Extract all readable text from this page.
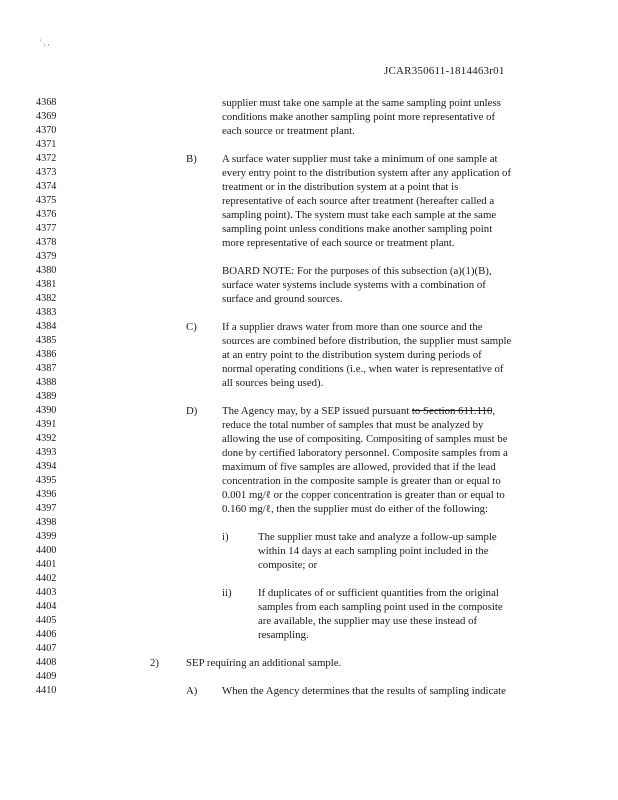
' , ,
JCAR350611-1814463r01
4368
4369
4370
4371
4372
4373
4374
4375
4376
4377
4378
4379
4380
4381
4382
4383
4384
4385
4386
4387
4388
4389
4390
4391
4392
4393
4394
4395
4396
4397
4398
4399
4400
4401
4402
4403
4404
4405
4406
4407
4408
4409
4410
supplier must take one sample at the same sampling point unless
conditions make another sampling point more representative of
each source or treatment plant.
B) A surface water supplier must take a minimum of one sample at
every entry point to the distribution system after any application of
treatment or in the distribution system at a point that is
representative of each source after treatment (hereafter called a
sampling point). The system must take each sample at the same
sampling point unless conditions make another sampling point
more representative of each source or treatment plant.
BOARD NOTE: For the purposes of this subsection (a)(1)(B),
surface water systems include systems with a combination of
surface and ground sources.
C) If a supplier draws water from more than one source and the
sources are combined before distribution, the supplier must sample
at an entry point to the distribution system during periods of
normal operating conditions (i.e., when water is representative of
all sources being used).
D) The Agency may, by a SEP issued pursuant to Section 611.110,
reduce the total number of samples that must be analyzed by
allowing the use of compositing. Compositing of samples must be
done by certified laboratory personnel. Composite samples from a
maximum of five samples are allowed, provided that if the lead
concentration in the composite sample is greater than or equal to
0.001 mg/ℓ or the copper concentration is greater than or equal to
0.160 mg/ℓ, then the supplier must do either of the following:
i)	The supplier must take and analyze a follow-up sample
within 14 days at each sampling point included in the
composite; or
ii) If duplicates of or sufficient quantities from the original
samples from each sampling point used in the composite
are available, the supplier may use these instead of
resampling.
2)	SEP requiring an additional sample.
A) When the Agency determines that the results of sampling indicate
